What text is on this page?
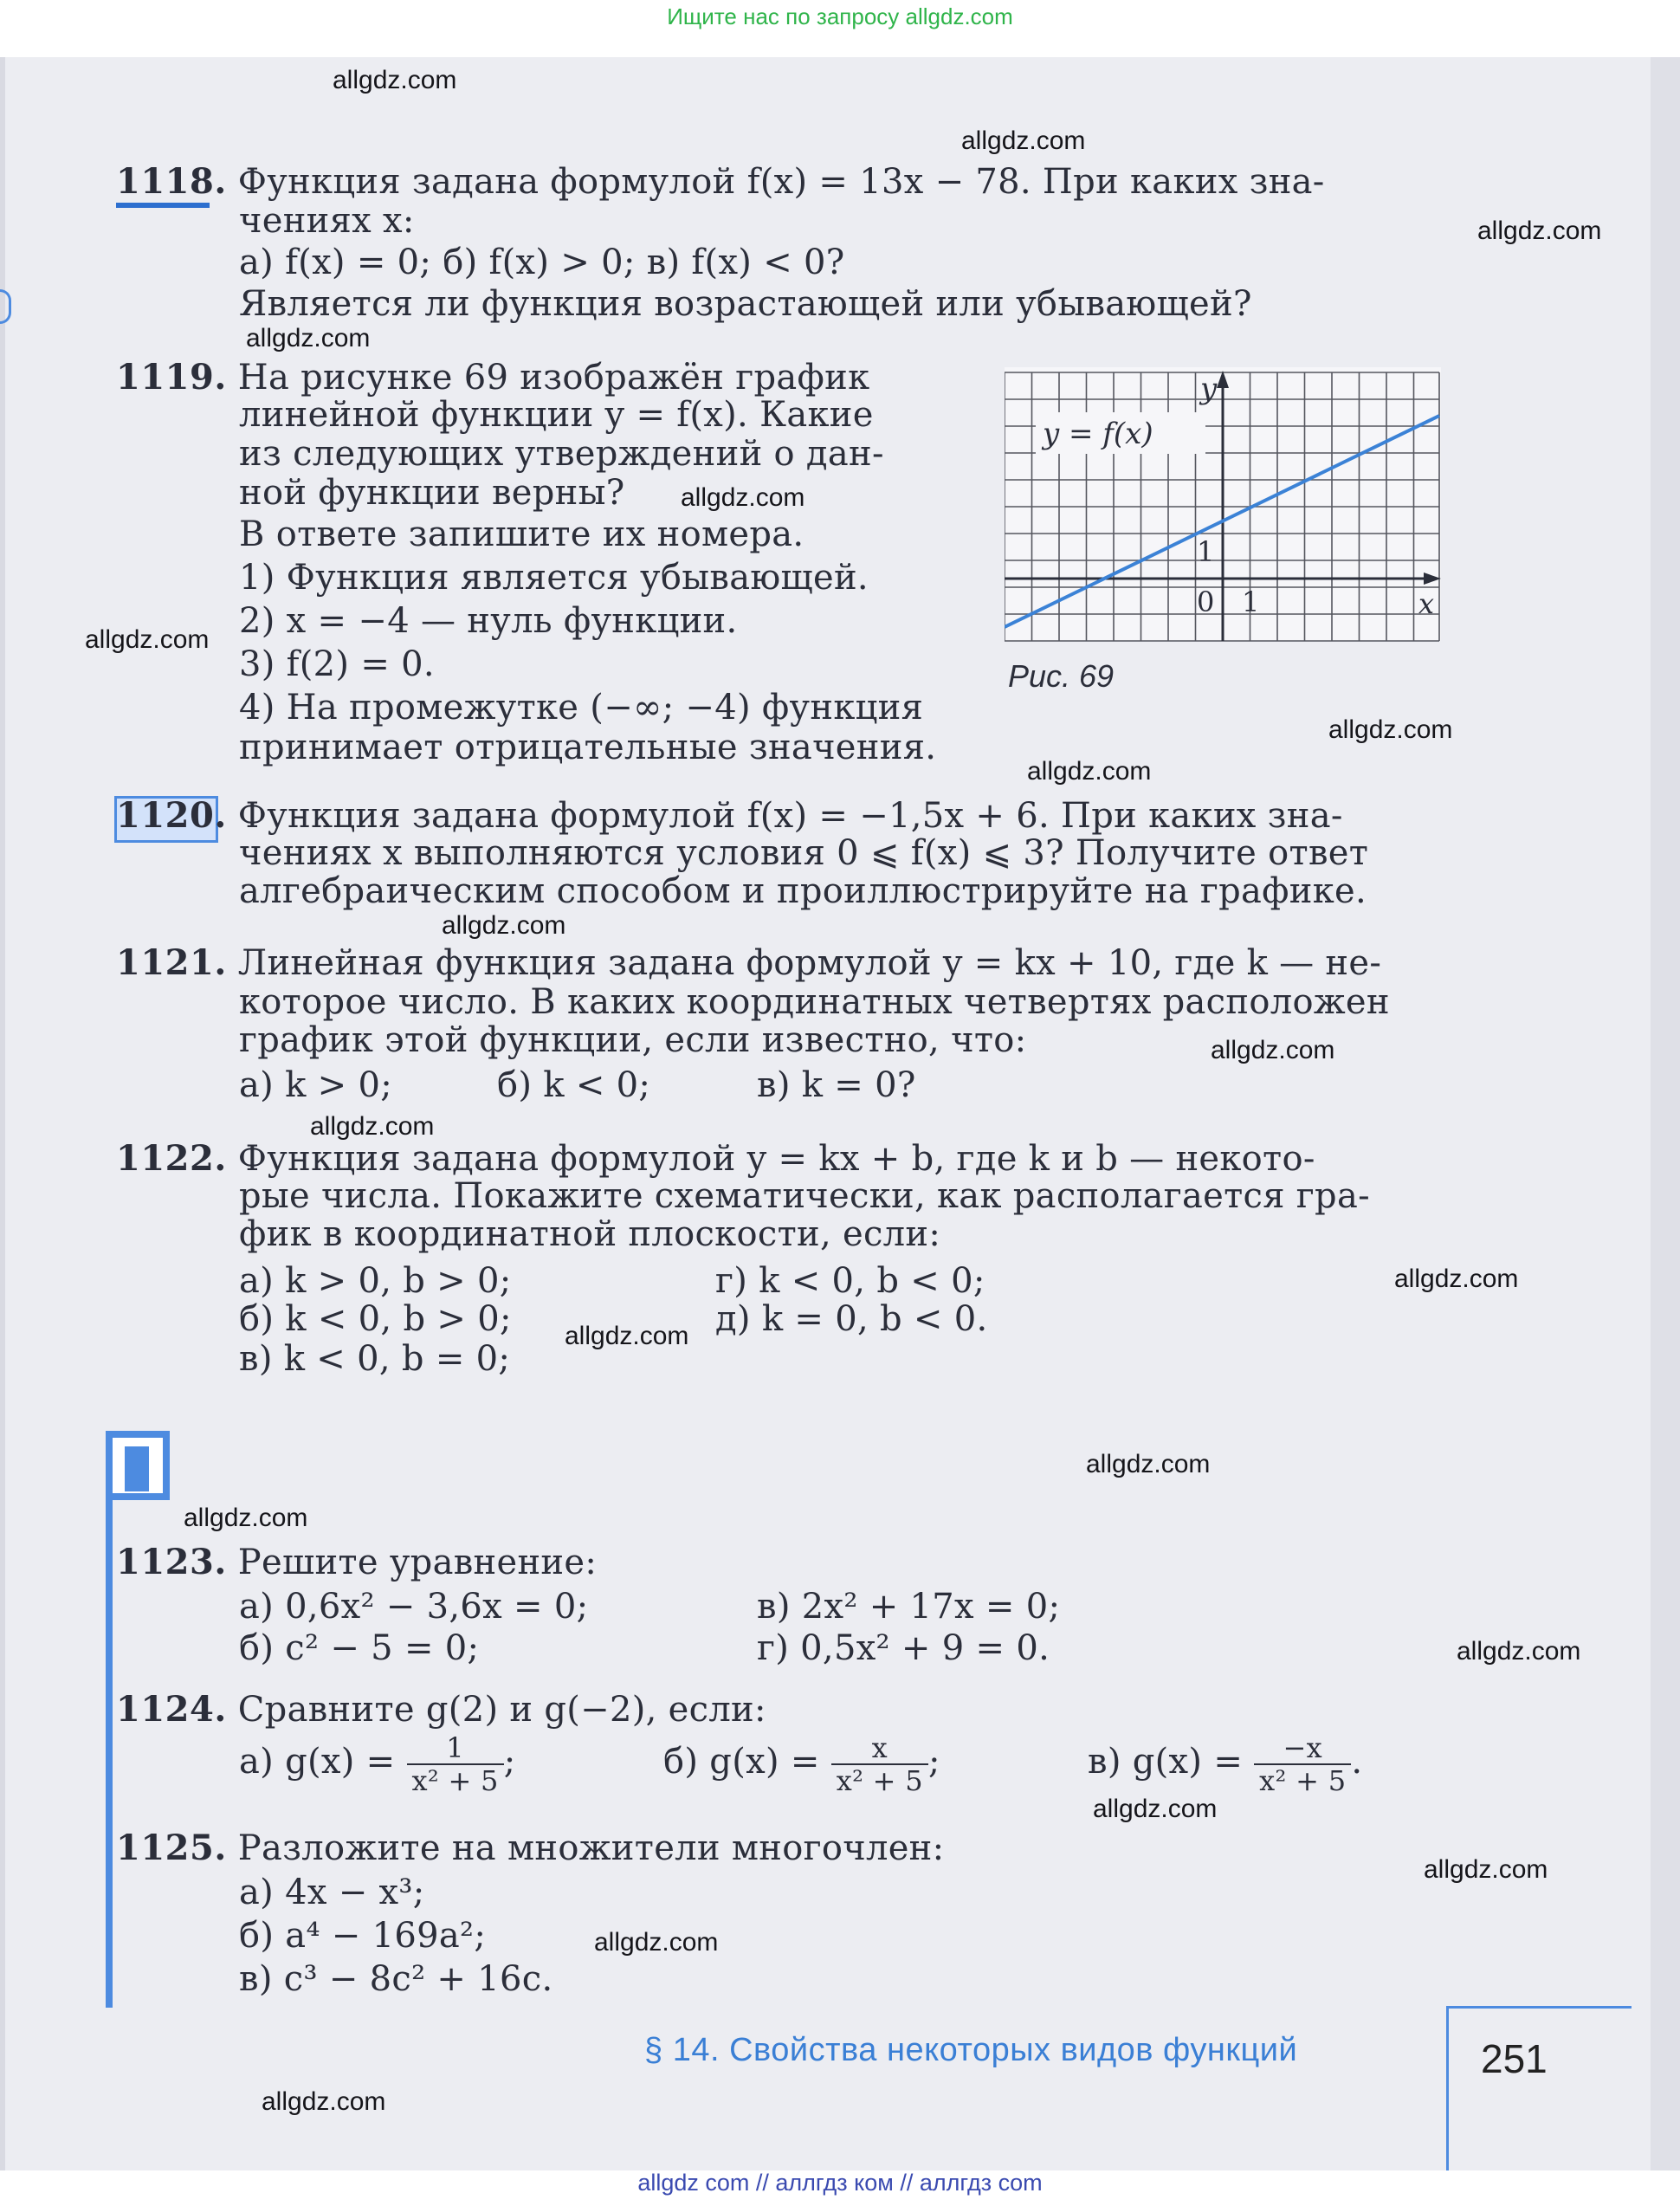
Ищите нас по запросу allgdz.com
1118. Функция задана формулой f(x) = 13x − 78. При каких зна-
чениях x:
а) f(x) = 0; б) f(x) > 0; в) f(x) < 0?
Является ли функция возрастающей или убывающей?
1119. На рисунке 69 изображён график
линейной функции y = f(x). Какие
из следующих утверждений о дан-
ной функции верны?
В ответе запишите их номера.
1) Функция является убывающей.
2) x = −4 — нуль функции.
3) f(2) = 0.
4) На промежутке (−∞; −4) функция
принимает отрицательные значения.
y = f(x)
y
x
0 1
1
Рис. 69
1120. Функция задана формулой f(x) = −1,5x + 6. При каких зна-
чениях x выполняются условия 0 ⩽ f(x) ⩽ 3? Получите ответ
алгебраическим способом и проиллюстрируйте на графике.
1121. Линейная функция задана формулой y = kx + 10, где k — не-
которое число. В каких координатных четвертях расположен
график этой функции, если известно, что:
а) k > 0;	б) k < 0;	в) k = 0?
1122. Функция задана формулой y = kx + b, где k и b — некото-
рые числа. Покажите схематически, как располагается гра-
фик в координатной плоскости, если:
а) k > 0, b > 0;	г) k < 0, b < 0;
б) k < 0, b > 0;	д) k = 0, b < 0.
в) k < 0, b = 0;
1123. Решите уравнение:
а) 0,6x² − 3,6x = 0;	в) 2x² + 17x = 0;
б) c² − 5 = 0;	г) 0,5x² + 9 = 0.
1124. Сравните g(2) и g(−2), если:
а) $g(x) = \frac{1}{\text{x² + 5}}$ ;	б) $g(x) = \frac{x}{\text{x² + 5}}$ ;	в) $g(x) = \frac{-x}{\text{x² + 5}}$ .
1125. Разложите на множители многочлен:
а) 4x − x³;
б) a⁴ − 169a²;
в) c³ − 8c² + 16c.
§ 14. Свойства некоторых видов функций	251
allgdz.com
allgdz.com
allgdz.com
allgdz.com
allgdz.com
allgdz.com
allgdz.com
allgdz.com
allgdz.com
allgdz.com
allgdz.com
allgdz.com
allgdz.com
allgdz.com
allgdz.com
allgdz.com
allgdz.com
allgdz.com
allgdz.com
allgdz.com
allgdz com // аллгдз ком // аллгдз com
